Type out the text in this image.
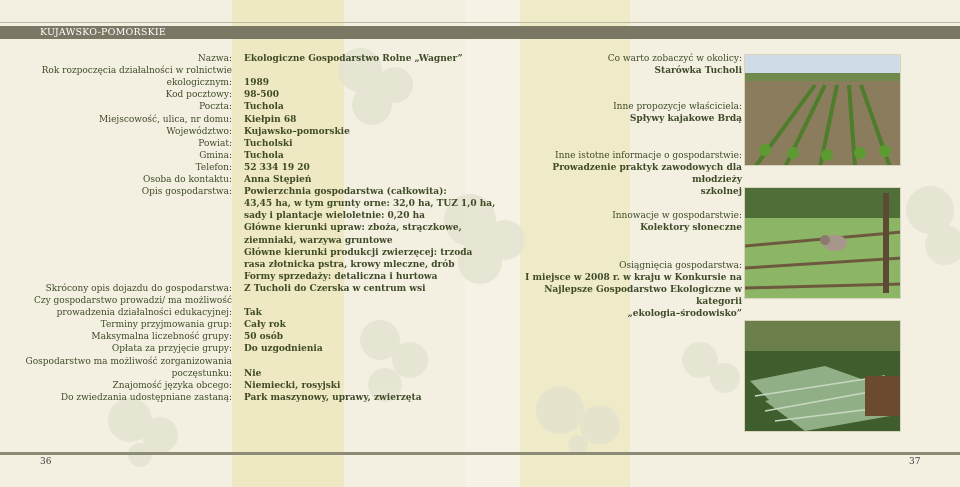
KUJAWSKO-POMORSKIE
Nazwa: Ekologiczne Gospodarstwo Rolne „Wagner”
Rok rozpoczęcia działalności w rolnictwie
ekologicznym: 1989
Kod pocztowy: 98-500
Poczta: Tuchola
Miejscowość, ulica, nr domu: Kiełpin 68
Województwo: Kujawsko–pomorskie
Powiat: Tucholski
Gmina: Tuchola
Telefon: 52 334 19 20
Osoba do kontaktu: Anna Stępień
Opis gospodarstwa: Powierzchnia gospodarstwa (całkowita):
43,45 ha, w tym grunty orne: 32,0 ha, TUZ 1,0 ha,
sady i plantacje wieloletnie: 0,20 ha
Główne kierunki upraw: zboża, strączkowe,
ziemniaki, warzywa gruntowe
Główne kierunki produkcji zwierzęcej: trzoda
rasa złotnicka pstra, krowy mleczne, drób
Formy sprzedaży: detaliczna i hurtowa
Skrócony opis dojazdu do gospodarstwa: Z Tucholi do Czerska w centrum wsi
Czy gospodarstwo prowadzi/ ma możliwość
prowadzenia działalności edukacyjnej: Tak
Terminy przyjmowania grup: Cały rok
Maksymalna liczebność grupy: 50 osób
Opłata za przyjęcie grupy: Do uzgodnienia
Gospodarstwo ma możliwość zorganizowania
poczęstunku: Nie
Znajomość języka obcego: Niemiecki, rosyjski
Do zwiedzania udostępniane zastaną: Park maszynowy, uprawy, zwierzęta
Co warto zobaczyć w okolicy:
Starówka Tucholi
Inne propozycje właściciela:
Spływy kajakowe Brdą
Inne istotne informacje o gospodarstwie:
Prowadzenie praktyk zawodowych dla młodzieży
szkolnej
Innowacje w gospodarstwie:
Kolektory słoneczne
Osiągnięcia gospodarstwa:
I miejsce w 2008 r. w kraju w Konkursie na
Najlepsze Gospodarstwo Ekologiczne w kategorii
„ekologia–środowisko”
36	37
